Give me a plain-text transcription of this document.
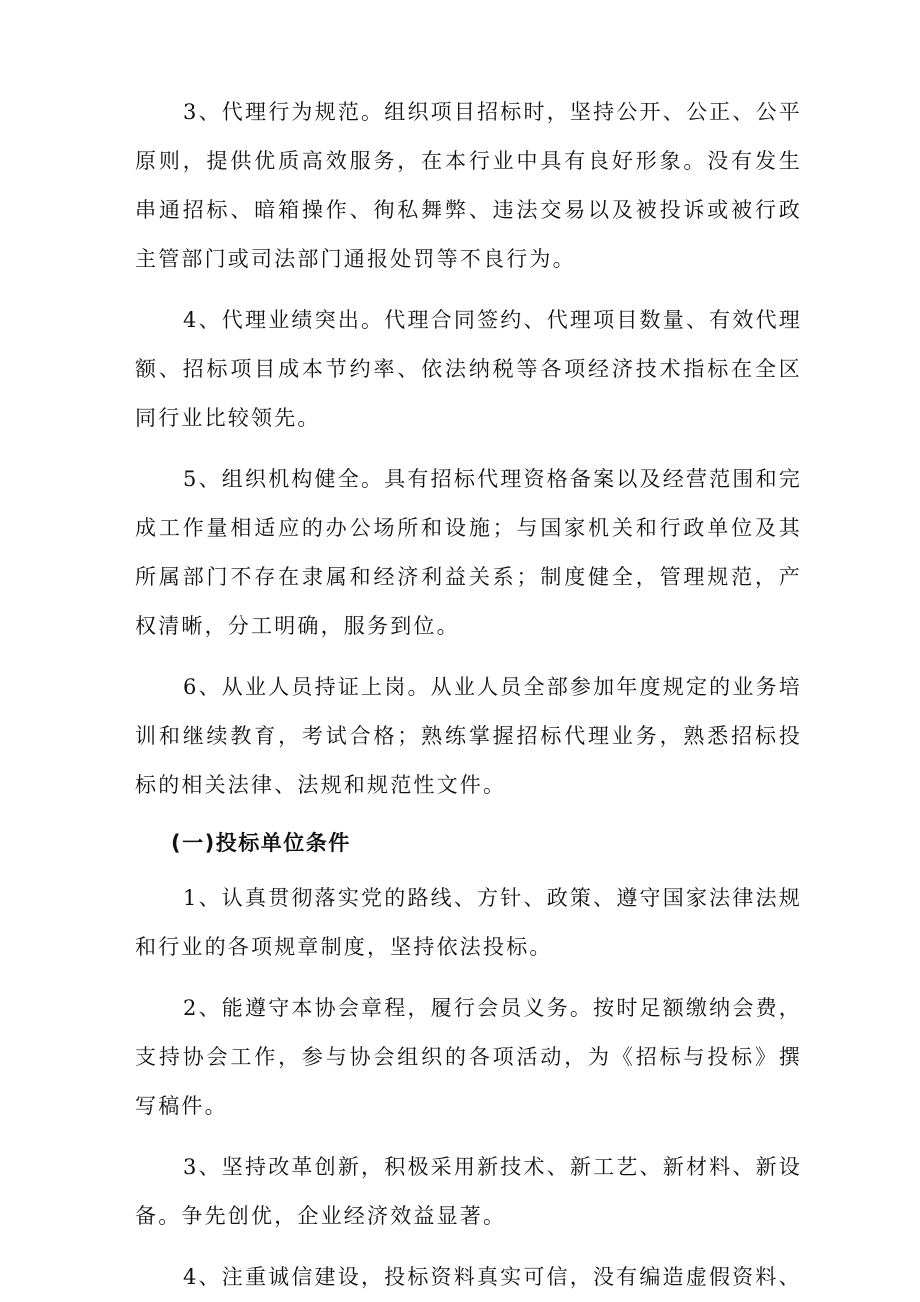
3、代理行为规范。组织项目招标时，坚持公开、公正、公平原则，提供优质高效服务，在本行业中具有良好形象。没有发生串通招标、暗箱操作、徇私舞弊、违法交易以及被投诉或被行政主管部门或司法部门通报处罚等不良行为。

4、代理业绩突出。代理合同签约、代理项目数量、有效代理额、招标项目成本节约率、依法纳税等各项经济技术指标在全区同行业比较领先。

5、组织机构健全。具有招标代理资格备案以及经营范围和完成工作量相适应的办公场所和设施；与国家机关和行政单位及其所属部门不存在隶属和经济利益关系；制度健全，管理规范，产权清晰，分工明确，服务到位。

6、从业人员持证上岗。从业人员全部参加年度规定的业务培训和继续教育，考试合格；熟练掌握招标代理业务，熟悉招标投标的相关法律、法规和规范性文件。

(一)投标单位条件

1、认真贯彻落实党的路线、方针、政策、遵守国家法律法规和行业的各项规章制度，坚持依法投标。

2、能遵守本协会章程，履行会员义务。按时足额缴纳会费，支持协会工作，参与协会组织的各项活动，为《招标与投标》撰写稿件。

3、坚持改革创新，积极采用新技术、新工艺、新材料、新设备。争先创优，企业经济效益显著。

4、注重诚信建设，投标资料真实可信，没有编造虚假资料、
